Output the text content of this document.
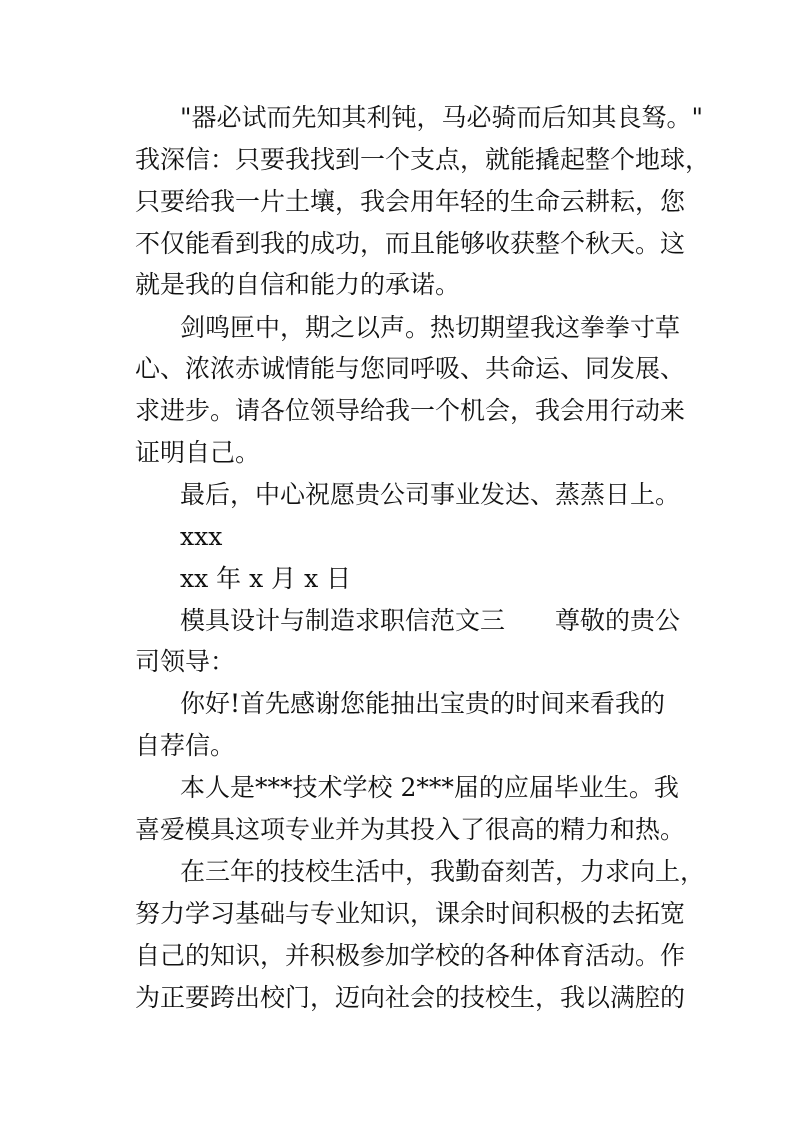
"器必试而先知其利钝，马必骑而后知其良驽。"
我深信：只要我找到一个支点，就能撬起整个地球，
只要给我一片土壤，我会用年轻的生命云耕耘，您
不仅能看到我的成功，而且能够收获整个秋天。这
就是我的自信和能力的承诺。
剑鸣匣中，期之以声。热切期望我这拳拳寸草
心、浓浓赤诚情能与您同呼吸、共命运、同发展、
求进步。请各位领导给我一个机会，我会用行动来
证明自己。
最后，中心祝愿贵公司事业发达、蒸蒸日上。
xxx
xx 年 x 月 x 日
模具设计与制造求职信范文三　　尊敬的贵公
司领导：
你好!首先感谢您能抽出宝贵的时间来看我的
自荐信。
本人是***技术学校 2***届的应届毕业生。我
喜爱模具这项专业并为其投入了很高的精力和热。
在三年的技校生活中，我勤奋刻苦，力求向上，
努力学习基础与专业知识，课余时间积极的去拓宽
自己的知识，并积极参加学校的各种体育活动。作
为正要跨出校门，迈向社会的技校生，我以满腔的
